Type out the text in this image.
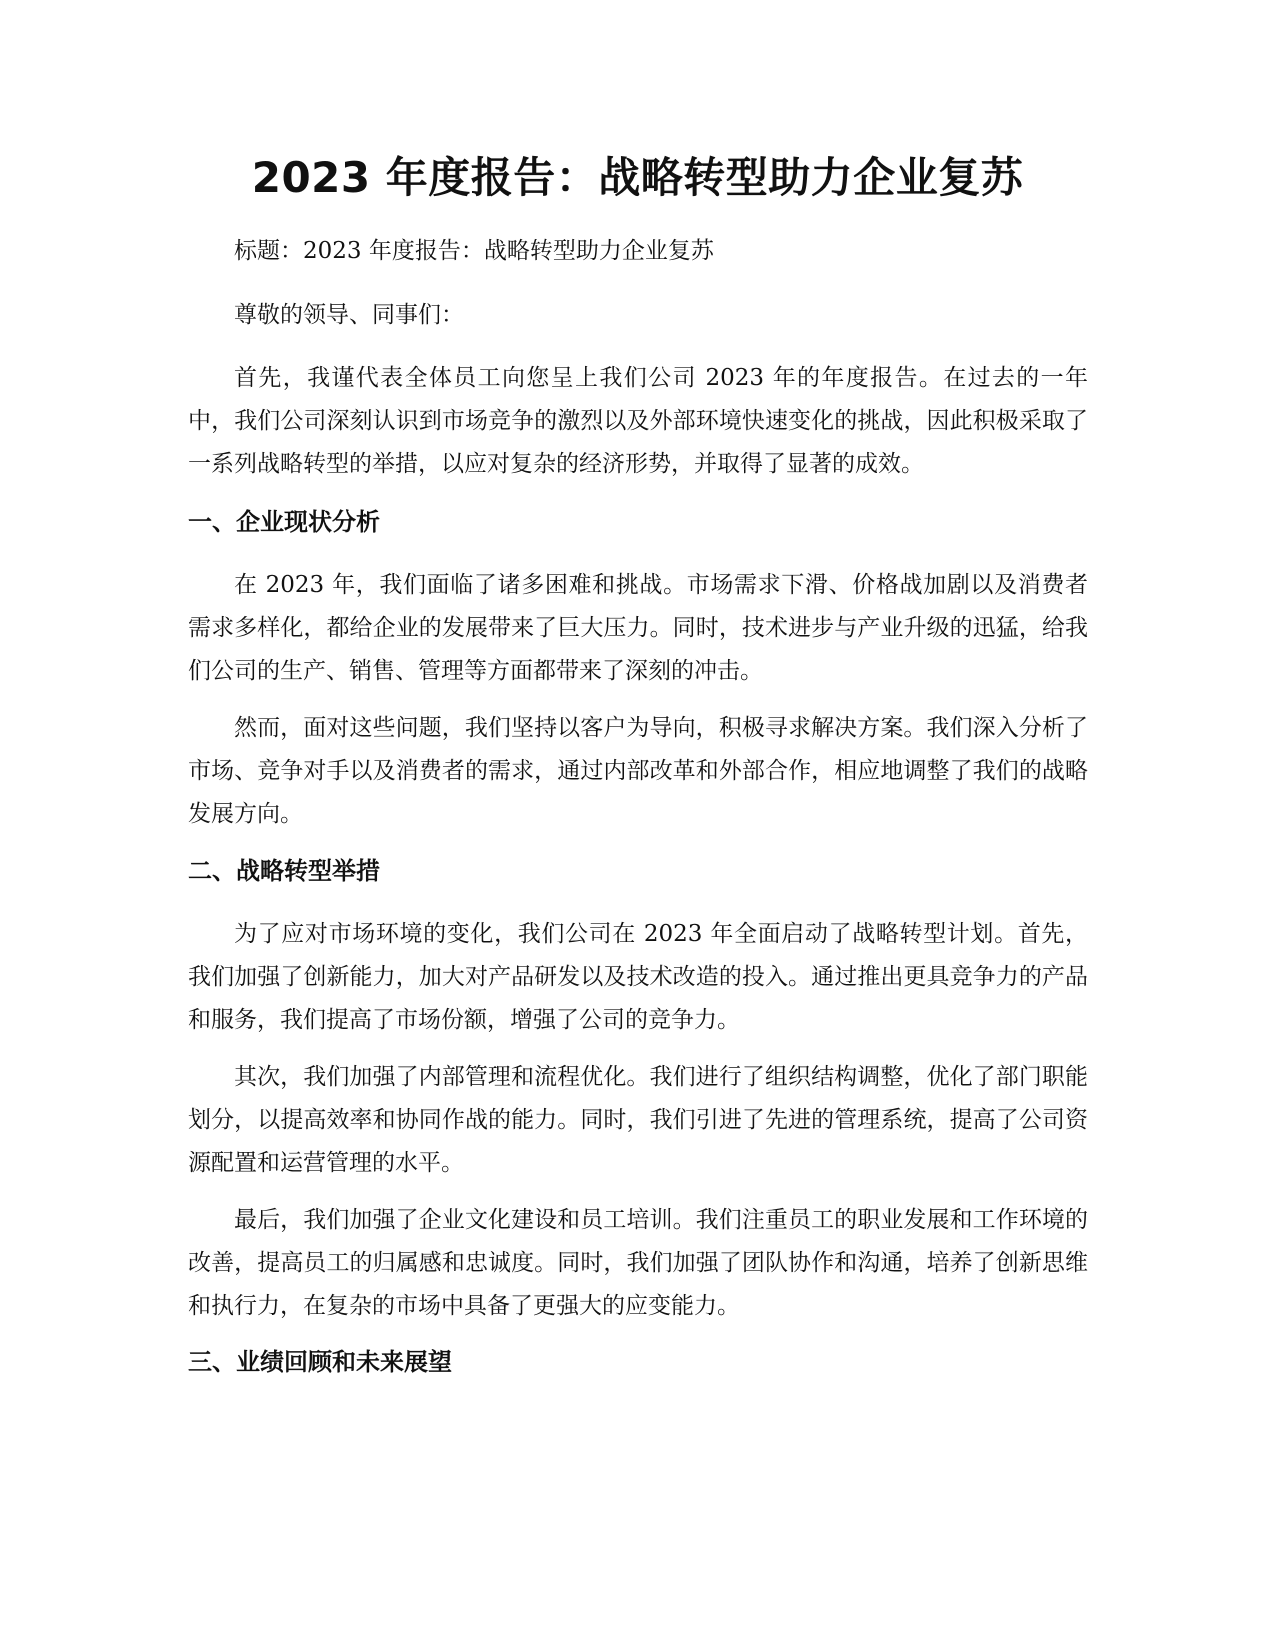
2023 年度报告：战略转型助力企业复苏

标题：2023 年度报告：战略转型助力企业复苏

尊敬的领导、同事们：

首先，我谨代表全体员工向您呈上我们公司 2023 年的年度报告。在过去的一年中，我们公司深刻认识到市场竞争的激烈以及外部环境快速变化的挑战，因此积极采取了一系列战略转型的举措，以应对复杂的经济形势，并取得了显著的成效。

一、企业现状分析

在 2023 年，我们面临了诸多困难和挑战。市场需求下滑、价格战加剧以及消费者需求多样化，都给企业的发展带来了巨大压力。同时，技术进步与产业升级的迅猛，给我们公司的生产、销售、管理等方面都带来了深刻的冲击。

然而，面对这些问题，我们坚持以客户为导向，积极寻求解决方案。我们深入分析了市场、竞争对手以及消费者的需求，通过内部改革和外部合作，相应地调整了我们的战略发展方向。

二、战略转型举措

为了应对市场环境的变化，我们公司在 2023 年全面启动了战略转型计划。首先，我们加强了创新能力，加大对产品研发以及技术改造的投入。通过推出更具竞争力的产品和服务，我们提高了市场份额，增强了公司的竞争力。

其次，我们加强了内部管理和流程优化。我们进行了组织结构调整，优化了部门职能划分，以提高效率和协同作战的能力。同时，我们引进了先进的管理系统，提高了公司资源配置和运营管理的水平。

最后，我们加强了企业文化建设和员工培训。我们注重员工的职业发展和工作环境的改善，提高员工的归属感和忠诚度。同时，我们加强了团队协作和沟通，培养了创新思维和执行力，在复杂的市场中具备了更强大的应变能力。

三、业绩回顾和未来展望
